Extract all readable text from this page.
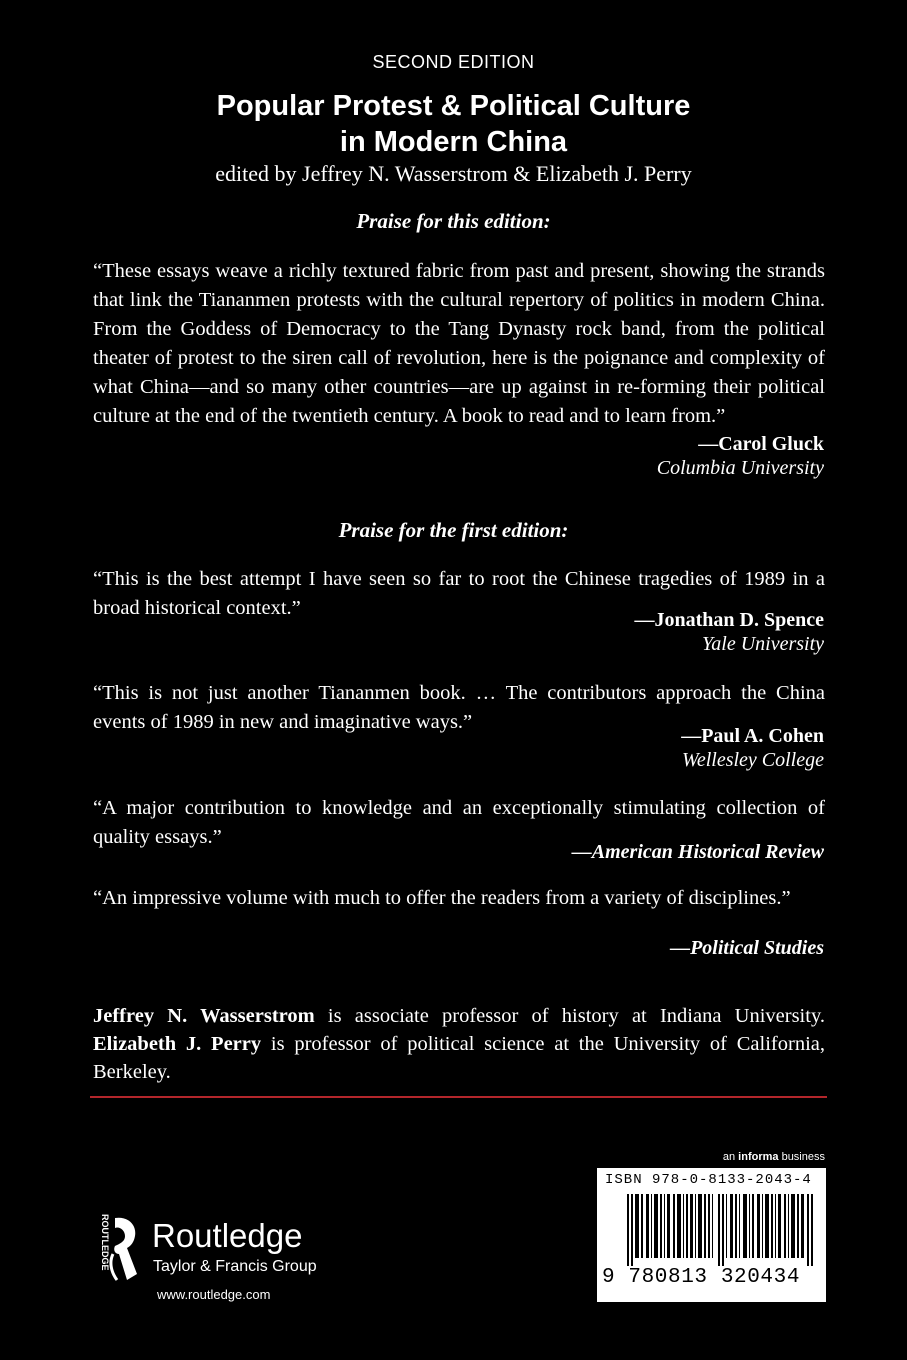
SECOND EDITION
Popular Protest & Political Culture
in Modern China
edited by Jeffrey N. Wasserstrom & Elizabeth J. Perry
Praise for this edition:
“These essays weave a richly textured fabric from past and present, showing the strands that link the Tiananmen protests with the cultural repertory of politics in modern China. From the Goddess of Democracy to the Tang Dynasty rock band, from the political theater of protest to the siren call of revolution, here is the poignance and complexity of what China—and so many other countries—are up against in re-forming their political culture at the end of the twentieth century. A book to read and to learn from.”
—Carol Gluck
Columbia University
Praise for the first edition:
“This is the best attempt I have seen so far to root the Chinese tragedies of 1989 in a broad historical context.”
—Jonathan D. Spence
Yale University
“This is not just another Tiananmen book. … The contributors approach the China events of 1989 in new and imaginative ways.”
—Paul A. Cohen
Wellesley College
“A major contribution to knowledge and an exceptionally stimulating collection of quality essays.”
—American Historical Review
“An impressive volume with much to offer the readers from a variety of disciplines.”
—Political Studies
Jeffrey N. Wasserstrom is associate professor of history at Indiana University. Elizabeth J. Perry is professor of political science at the University of California, Berkeley.
an informa business
ISBN 978-0-8133-2043-4
9 780813 320434
ROUTLEDGE Routledge
Taylor & Francis Group
www.routledge.com
